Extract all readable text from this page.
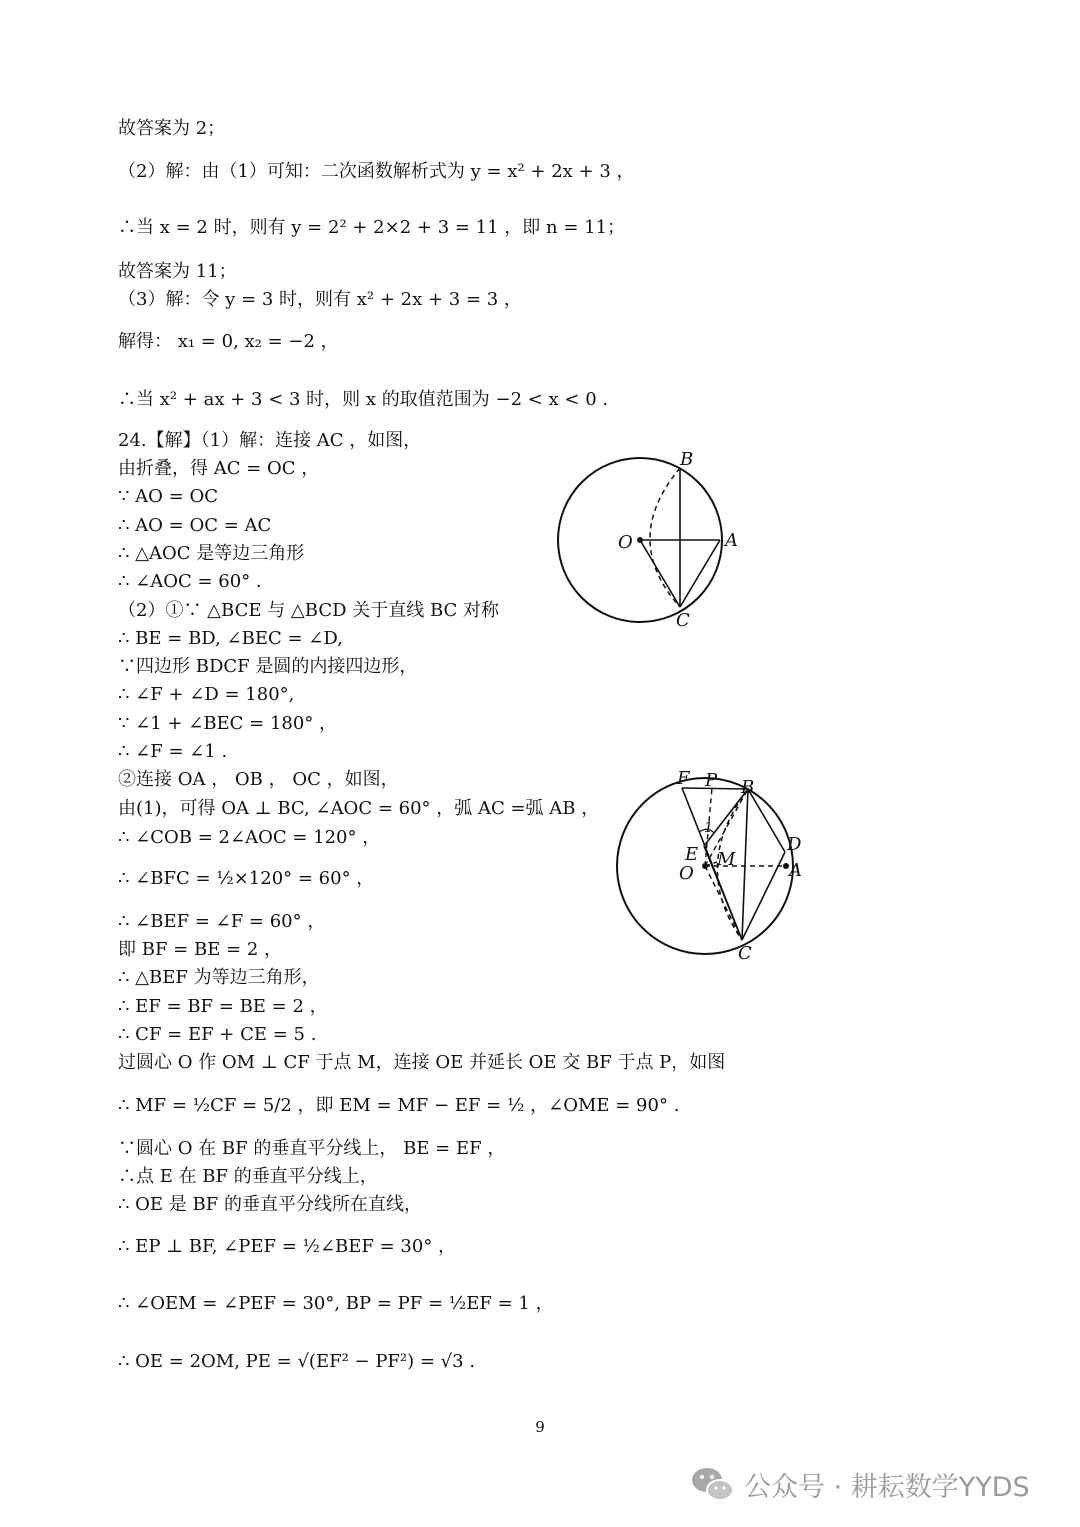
故答案为 2；
（2）解：由（1）可知：二次函数解析式为 y = x² + 2x + 3 ，
∴当 x = 2 时，则有 y = 2² + 2×2 + 3 = 11 ，即 n = 11；
故答案为 11；
（3）解：令 y = 3 时，则有 x² + 2x + 3 = 3 ，
解得： x₁ = 0, x₂ = −2 ，
∴当 x² + ax + 3 < 3 时，则 x 的取值范围为 −2 < x < 0 .
24.【解】（1）解：连接 AC ，如图，
由折叠，得 AC = OC ，
∵ AO = OC
∴ AO = OC = AC
∴ △AOC 是等边三角形
∴ ∠AOC = 60° .
（2）①∵ △BCE 与 △BCD 关于直线 BC 对称
∴ BE = BD, ∠BEC = ∠D,
∵四边形 BDCF 是圆的内接四边形，
∴ ∠F + ∠D = 180°,
∵ ∠1 + ∠BEC = 180° ，
∴ ∠F = ∠1 .
②连接 OA ， OB ， OC ，如图，
由(1)，可得 OA ⊥ BC, ∠AOC = 60° ，弧 AC =弧 AB ，
∴ ∠COB = 2∠AOC = 120° ，
∴ ∠BFC = ½×120° = 60° ，
∴ ∠BEF = ∠F = 60° ，
即 BF = BE = 2 ，
∴ △BEF 为等边三角形，
∴ EF = BF = BE = 2 ，
∴ CF = EF + CE = 5 .
过圆心 O 作 OM ⊥ CF 于点 M，连接 OE 并延长 OE 交 BF 于点 P，如图
∴ MF = ½CF = 5/2 ，即 EM = MF − EF = ½ ，∠OME = 90° .
∵圆心 O 在 BF 的垂直平分线上， BE = EF ，
∴点 E 在 BF 的垂直平分线上，
∴ OE 是 BF 的垂直平分线所在直线，
∴ EP ⊥ BF, ∠PEF = ½∠BEF = 30° ，
∴ ∠OEM = ∠PEF = 30°, BP = PF = ½EF = 1 ，
∴ OE = 2OM, PE = √(EF² − PF²) = √3 .
B
O	A
C
F P B
1
D
E M
O	A
C
9
公众号 · 耕耘数学YYDS
